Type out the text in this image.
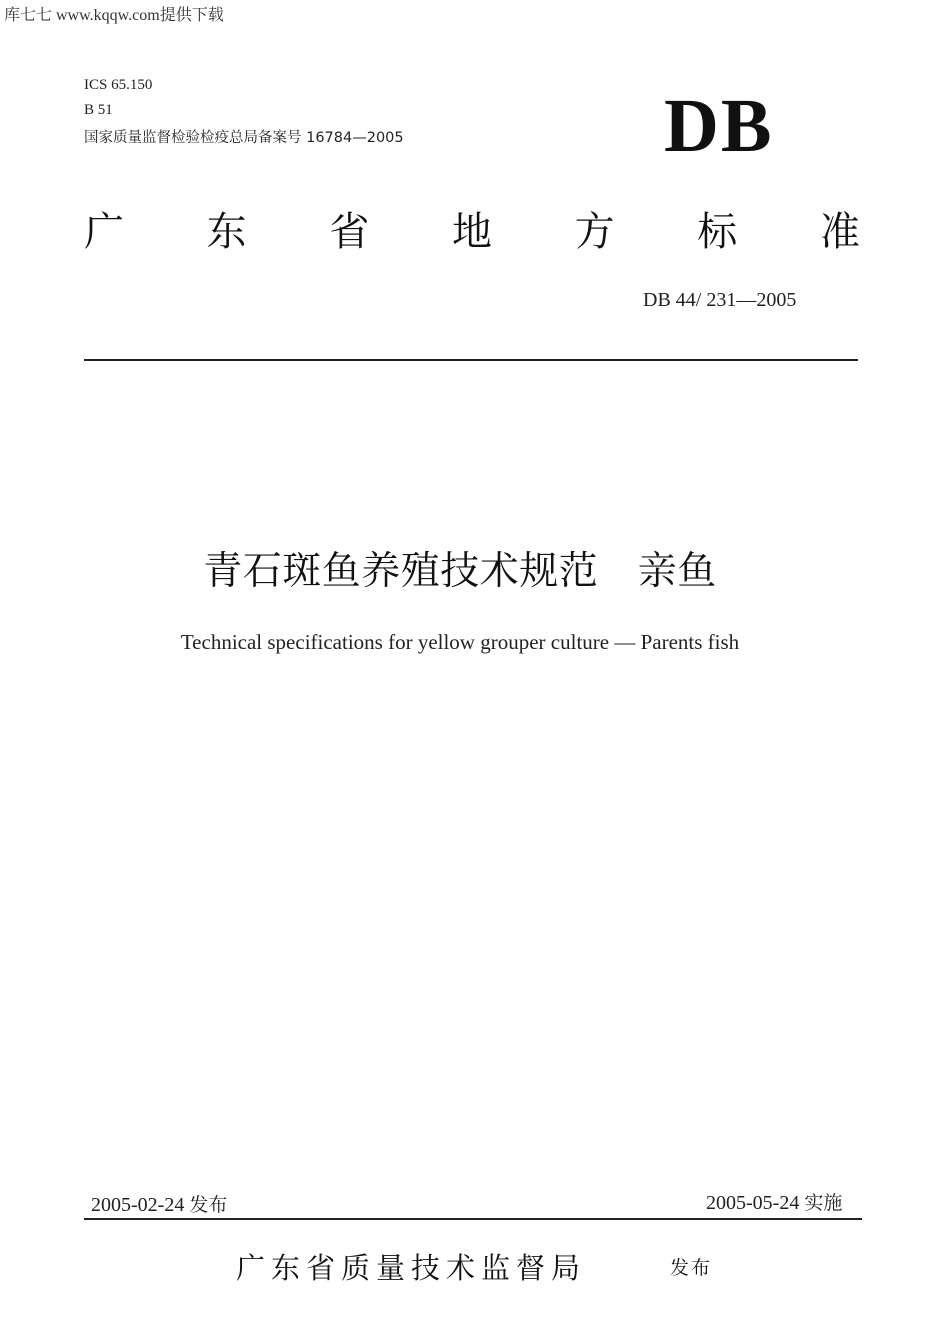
库七七 www.kqqw.com提供下载
ICS 65.150
B 51
国家质量监督检验检疫总局备案号 16784—2005	DB
广 东 省 地 方 标 准
DB 44/ 231—2005
青石斑鱼养殖技术规范　亲鱼
Technical specifications for yellow grouper culture — Parents fish
2005-02-24 发布	2005-05-24 实施
广东省质量技术监督局	发布
